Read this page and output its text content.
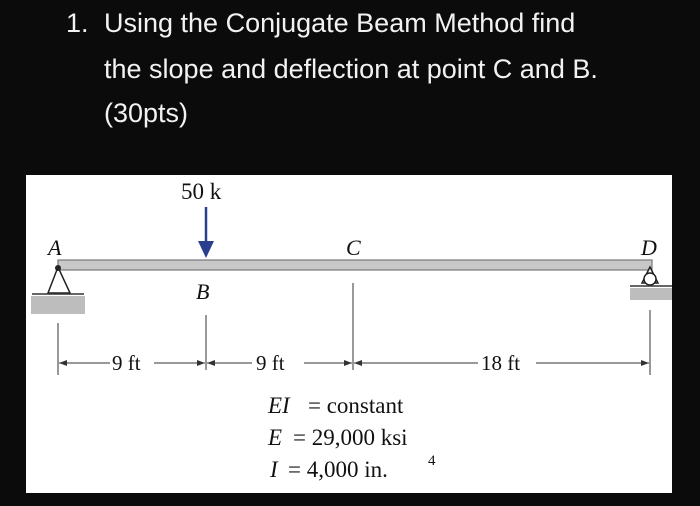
1. Using the Conjugate Beam Method find
the slope and deflection at point C and B.
(30pts)
50 k
A	C	D
B
9 ft	9 ft	18 ft
EI = constant
E = 29,000 ksi
I = 4,000 in.	4
